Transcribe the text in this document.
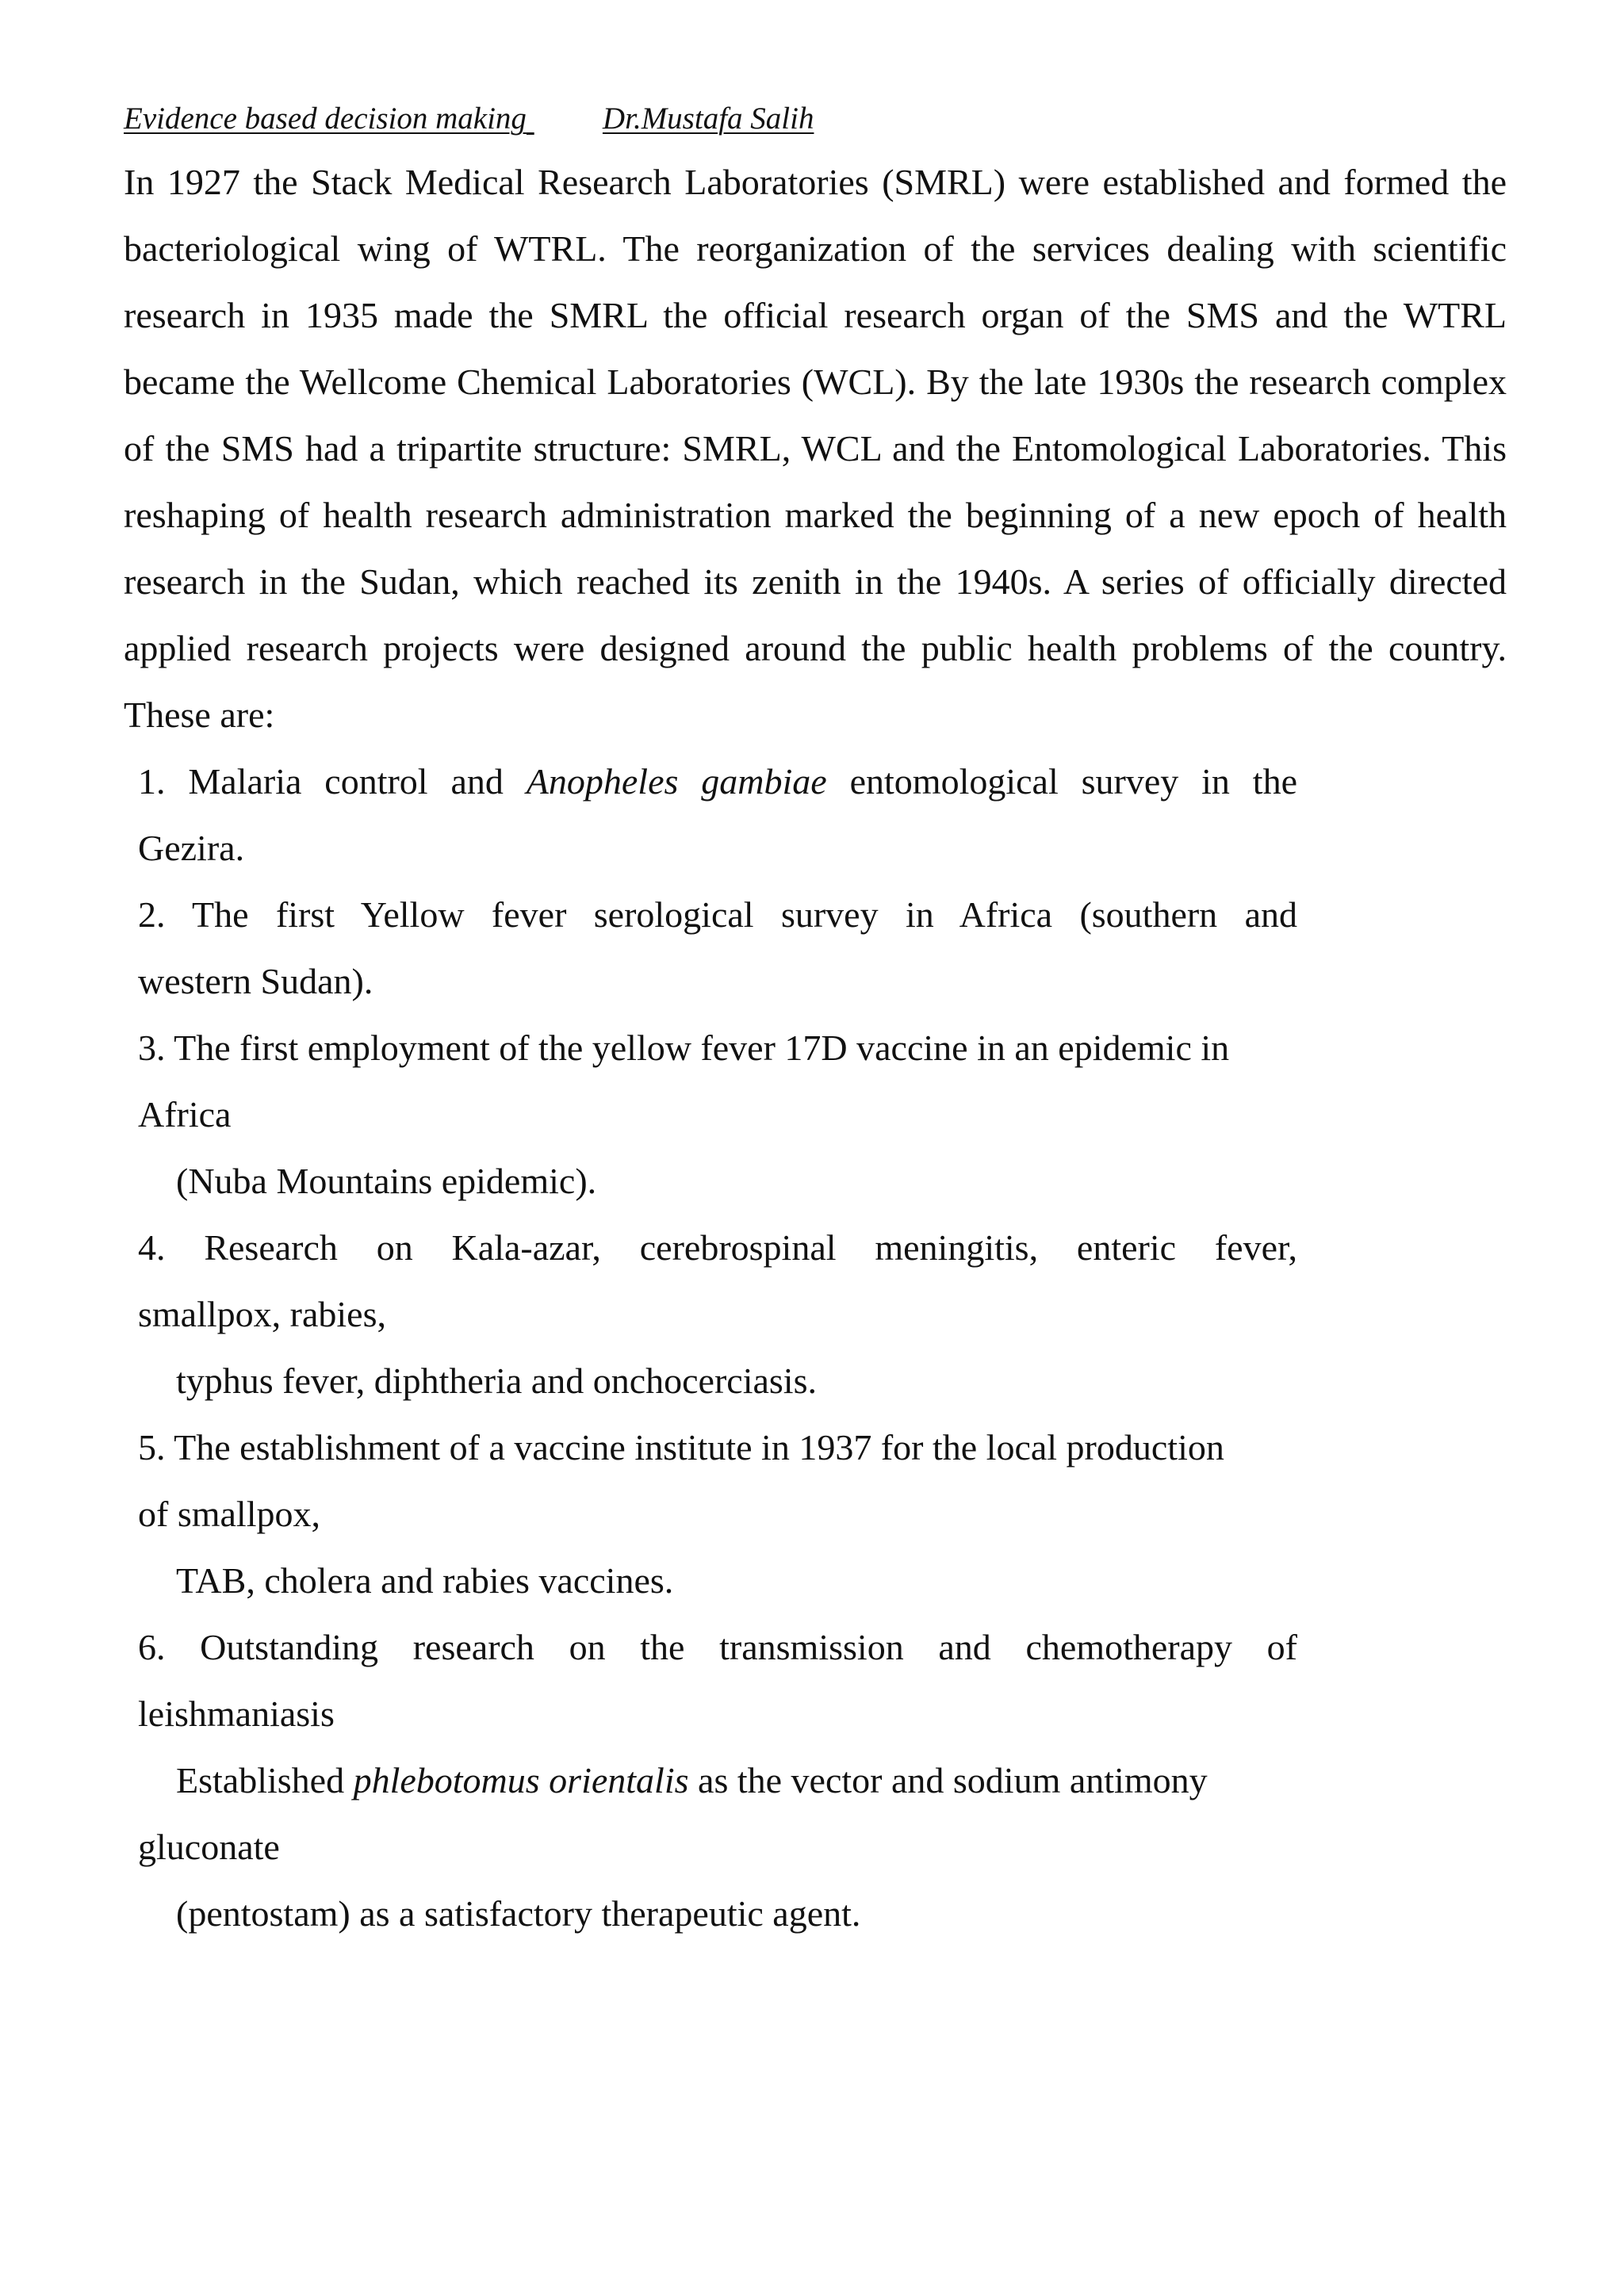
Evidence based decision making Dr.Mustafa Salih

In 1927 the Stack Medical Research Laboratories (SMRL) were established and formed the bacteriological wing of WTRL. The reorganization of the services dealing with scientific research in 1935 made the SMRL the official research organ of the SMS and the WTRL became the Wellcome Chemical Laboratories (WCL). By the late 1930s the research complex of the SMS had a tripartite structure: SMRL, WCL and the Entomological Laboratories. This reshaping of health research administration marked the beginning of a new epoch of health research in the Sudan, which reached its zenith in the 1940s. A series of officially directed applied research projects were designed around the public health problems of the country. These are:

1. Malaria control and Anopheles gambiae entomological survey in the
Gezira.
2. The first Yellow fever serological survey in Africa (southern and
western Sudan).
3. The first employment of the yellow fever 17D vaccine in an epidemic in
Africa
(Nuba Mountains epidemic).
4. Research on Kala-azar, cerebrospinal meningitis, enteric fever,
smallpox, rabies,
typhus fever, diphtheria and onchocerciasis.
5. The establishment of a vaccine institute in 1937 for the local production
of smallpox,
TAB, cholera and rabies vaccines.
6. Outstanding research on the transmission and chemotherapy of
leishmaniasis
Established phlebotomus orientalis as the vector and sodium antimony
gluconate
(pentostam) as a satisfactory therapeutic agent.
